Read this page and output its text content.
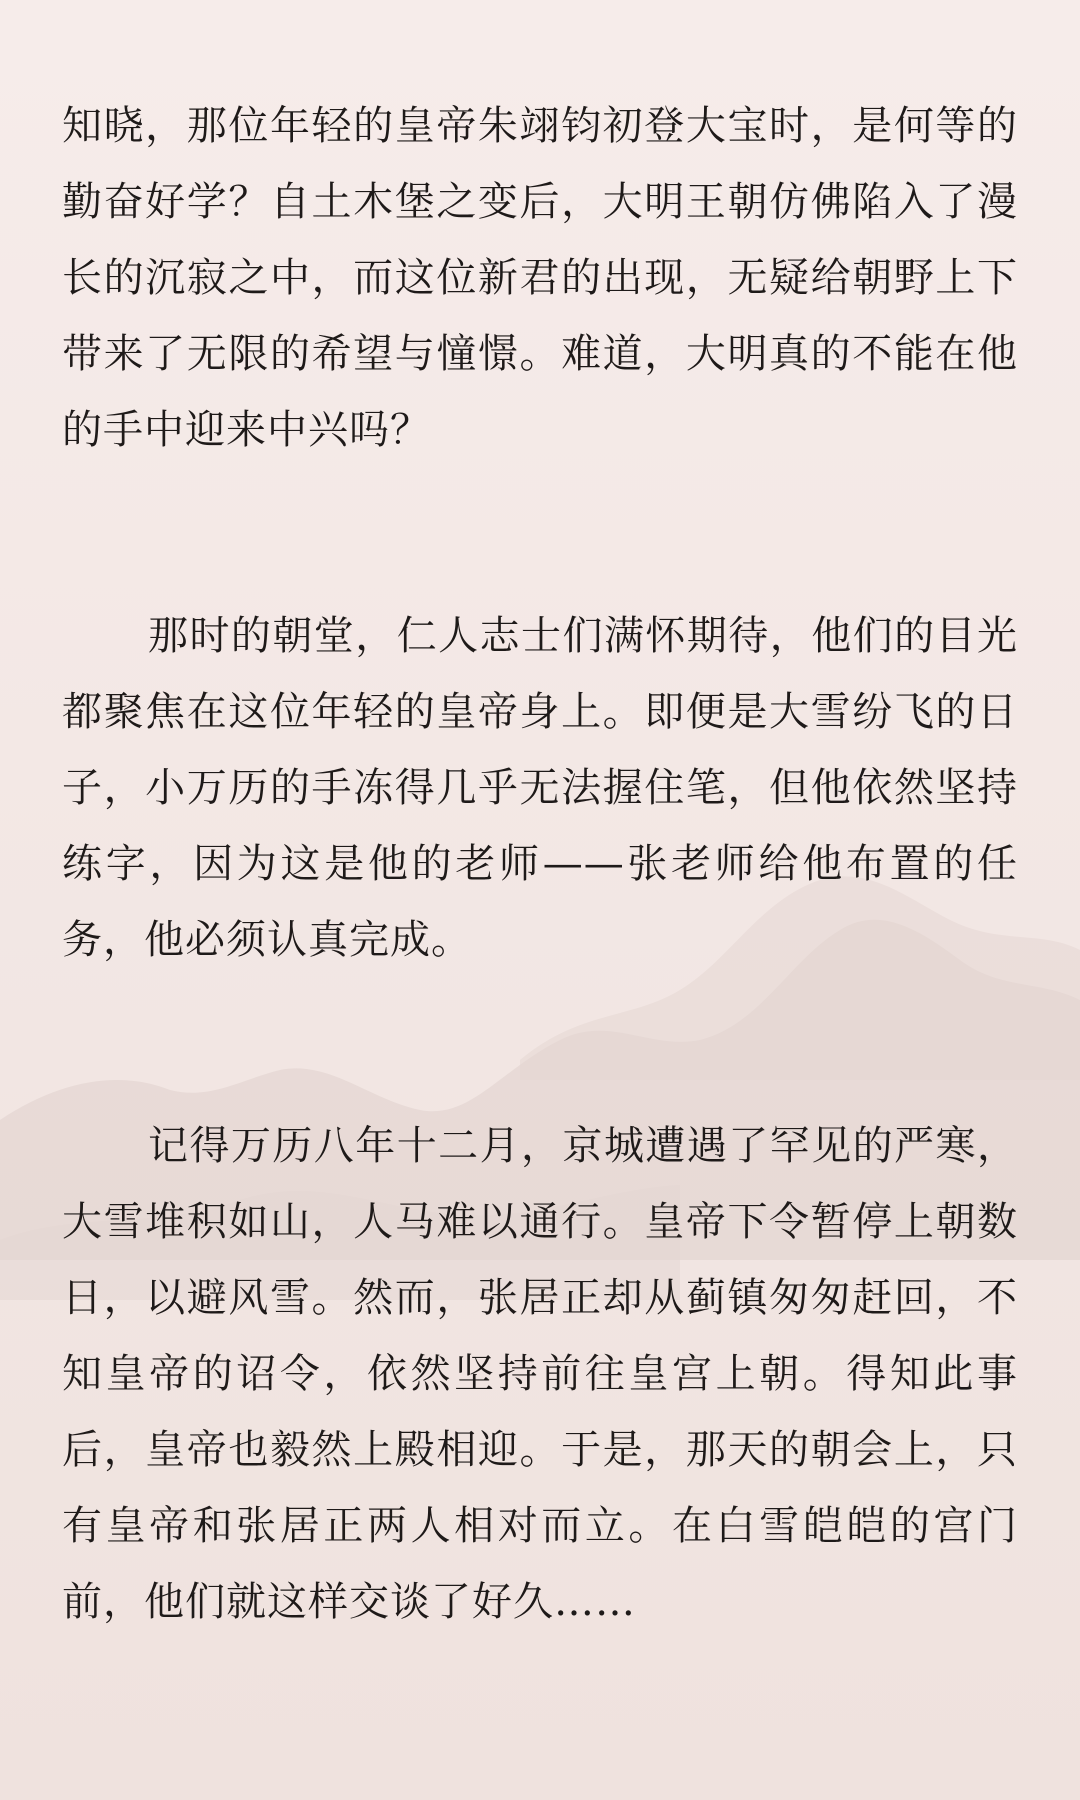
知晓，那位年轻的皇帝朱翊钧初登大宝时，是何等的勤奋好学？自土木堡之变后，大明王朝仿佛陷入了漫长的沉寂之中，而这位新君的出现，无疑给朝野上下带来了无限的希望与憧憬。难道，大明真的不能在他的手中迎来中兴吗？

那时的朝堂，仁人志士们满怀期待，他们的目光都聚焦在这位年轻的皇帝身上。即便是大雪纷飞的日子，小万历的手冻得几乎无法握住笔，但他依然坚持练字，因为这是他的老师——张老师给他布置的任务，他必须认真完成。

记得万历八年十二月，京城遭遇了罕见的严寒，大雪堆积如山，人马难以通行。皇帝下令暂停上朝数日，以避风雪。然而，张居正却从蓟镇匆匆赶回，不知皇帝的诏令，依然坚持前往皇宫上朝。得知此事后，皇帝也毅然上殿相迎。于是，那天的朝会上，只有皇帝和张居正两人相对而立。在白雪皑皑的宫门前，他们就这样交谈了好久……
